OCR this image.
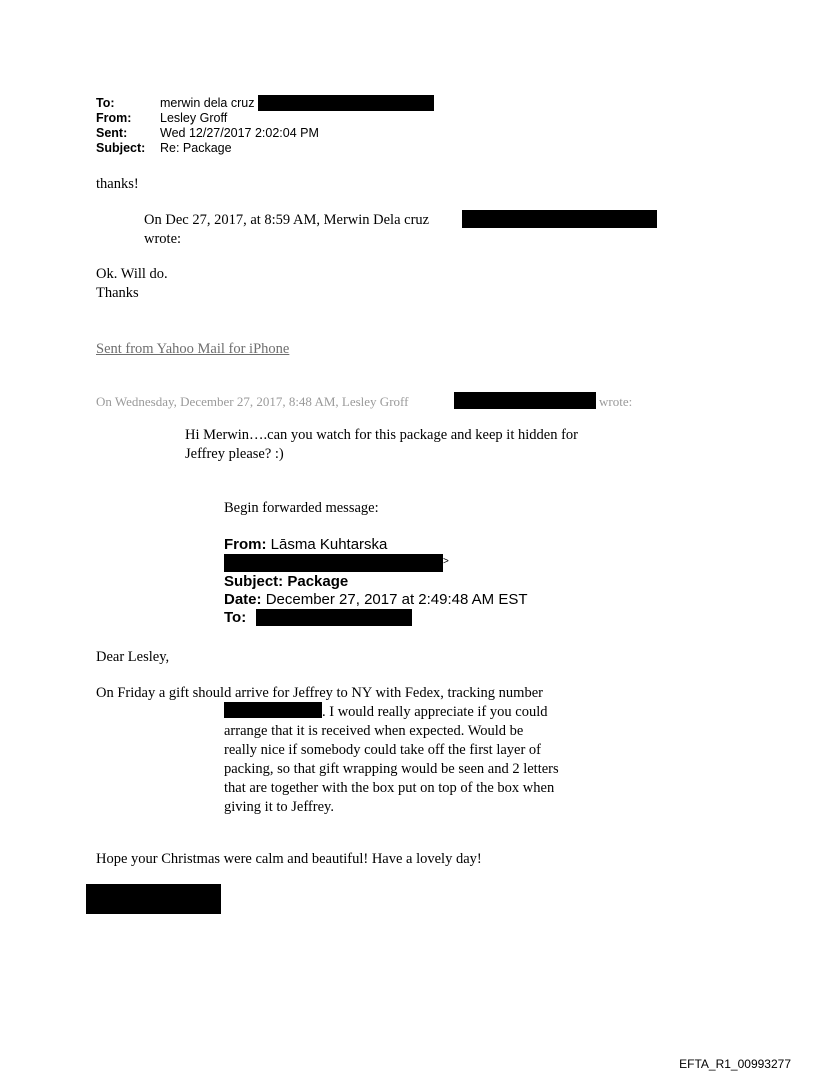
To:	merwin dela cruz
From: Lesley Groff
Sent:	Wed 12/27/2017 2:02:04 PM
Subject: Re: Package
thanks!
On Dec 27, 2017, at 8:59 AM, Merwin Dela cruz
wrote:
Ok. Will do.
Thanks
Sent from Yahoo Mail for iPhone
On Wednesday, December 27, 2017, 8:48 AM, Lesley Groff	wrote:
Hi Merwin….can you watch for this package and keep it hidden for
Jeffrey please? :)
Begin forwarded message:
From: Lāsma Kuhtarska
>
Subject: Package
Date: December 27, 2017 at 2:49:48 AM EST
To:
Dear Lesley,
On Friday a gift should arrive for Jeffrey to NY with Fedex, tracking number
. I would really appreciate if you could
arrange that it is received when expected. Would be
really nice if somebody could take off the first layer of
packing, so that gift wrapping would be seen and 2 letters
that are together with the box put on top of the box when
giving it to Jeffrey.
Hope your Christmas were calm and beautiful! Have a lovely day!
EFTA_R1_00993277
